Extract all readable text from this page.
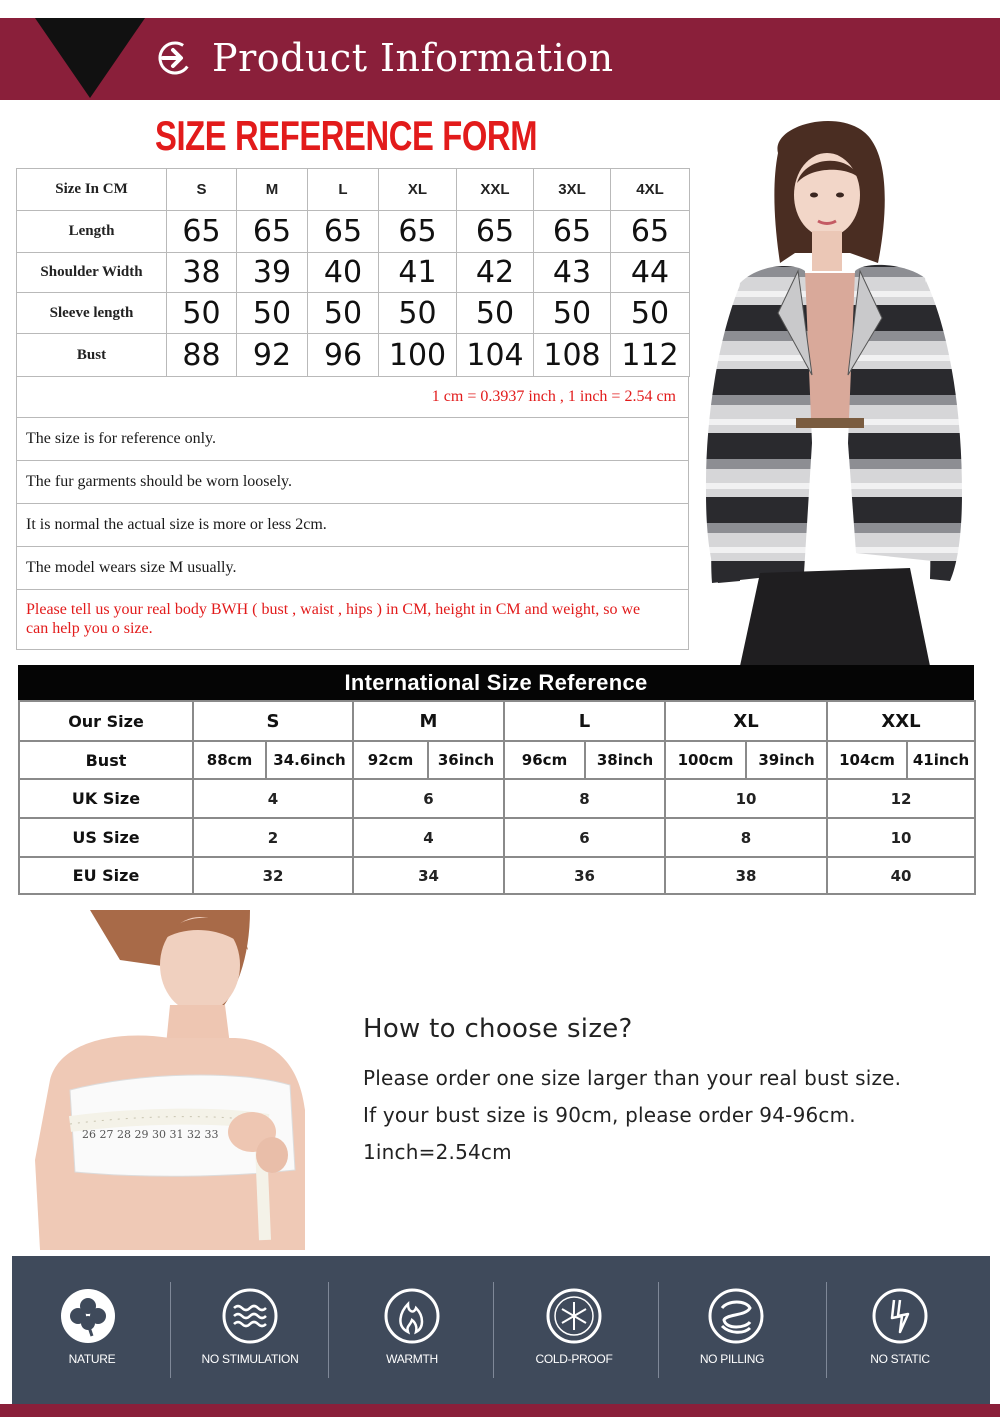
Product Information
SIZE REFERENCE FORM
Size In CM	S	M	L	XL	XXL	3XL	4XL
Length	65	65	65	65	65	65	65
Shoulder Width	38	39	40	41	42	43	44
Sleeve length	50	50	50	50	50	50	50
Bust	88	92	96	100	104	108	112
1 cm = 0.3937 inch , 1 inch = 2.54 cm
The size is for reference only.
The fur garments should be worn loosely.
It is normal the actual size is more or less 2cm.
The model wears size M usually.
Please tell us your real body BWH ( bust , waist , hips ) in CM, height in CM and weight, so we can help you o size.
International Size Reference
Our Size	S		M		L		XL		XXL	
Bust	88cm	34.6inch	92cm	36inch	96cm	38inch	100cm	39inch	104cm	41inch
UK Size	4		6		8		10		12	
US Size	2		4		6		8		10	
EU Size	32		34		36		38		40	
26 27 28 29 30 31 32 33
How to choose size?
Please order one size larger than your real bust size.
If your bust size is 90cm, please order 94-96cm.
1inch=2.54cm
NATURE	NO STIMULATION	WARMTH	COLD-PROOF	NO PILLING	NO STATIC
